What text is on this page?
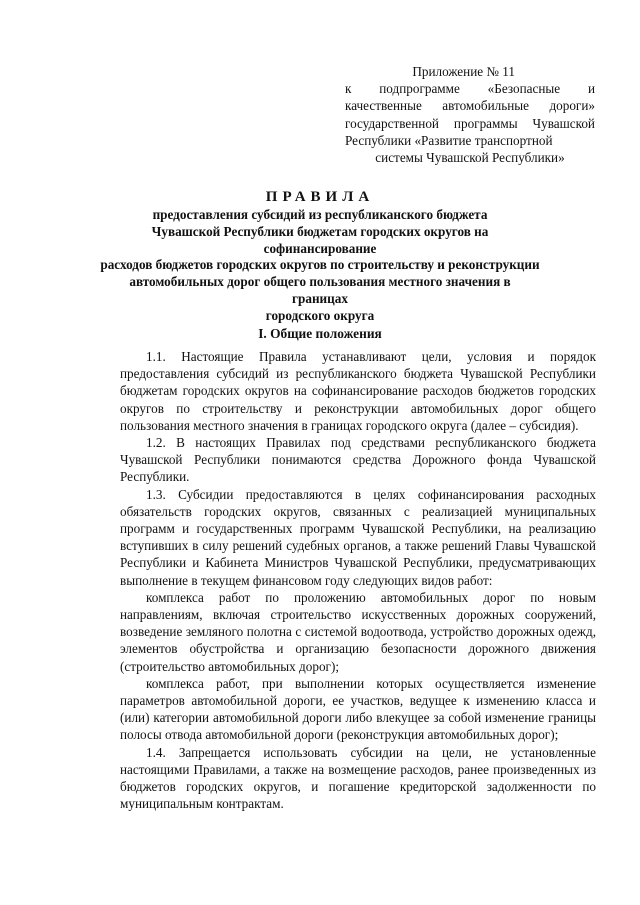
Приложение № 11
к подпрограмме «Безопасные и качественные автомобильные дороги» государственной программы Чувашской Республики «Развитие транспортной
системы Чувашской Республики»
ПРАВИЛА
предоставления субсидий из республиканского бюджета
Чувашской Республики бюджетам городских округов на софинансирование
расходов бюджетов городских округов по строительству и реконструкции
автомобильных дорог общего пользования местного значения в границах
городского округа
I. Общие положения

1.1. Настоящие Правила устанавливают цели, условия и порядок предоставления субсидий из республиканского бюджета Чувашской Республики бюджетам городских округов на софинансирование расходов бюджетов городских округов по строительству и реконструкции автомобильных дорог общего пользования местного значения в границах городского округа (далее – субсидия).

1.2. В настоящих Правилах под средствами республиканского бюджета Чувашской Республики понимаются средства Дорожного фонда Чувашской Республики.

1.3. Субсидии предоставляются в целях софинансирования расходных обязательств городских округов, связанных с реализацией муниципальных программ и государственных программ Чувашской Республики, на реализацию вступивших в силу решений судебных органов, а также решений Главы Чувашской Республики и Кабинета Министров Чувашской Республики, предусматривающих выполнение в текущем финансовом году следующих видов работ:

комплекса работ по проложению автомобильных дорог по новым направлениям, включая строительство искусственных дорожных сооружений, возведение земляного полотна с системой водоотвода, устройство дорожных одежд, элементов обустройства и организацию безопасности дорожного движения (строительство автомобильных дорог);

комплекса работ, при выполнении которых осуществляется изменение параметров автомобильной дороги, ее участков, ведущее к изменению класса и (или) категории автомобильной дороги либо влекущее за собой изменение границы полосы отвода автомобильной дороги (реконструкция автомобильных дорог);

1.4. Запрещается использовать субсидии на цели, не установленные настоящими Правилами, а также на возмещение расходов, ранее произведенных из бюджетов городских округов, и погашение кредиторской задолженности по муниципальным контрактам.
